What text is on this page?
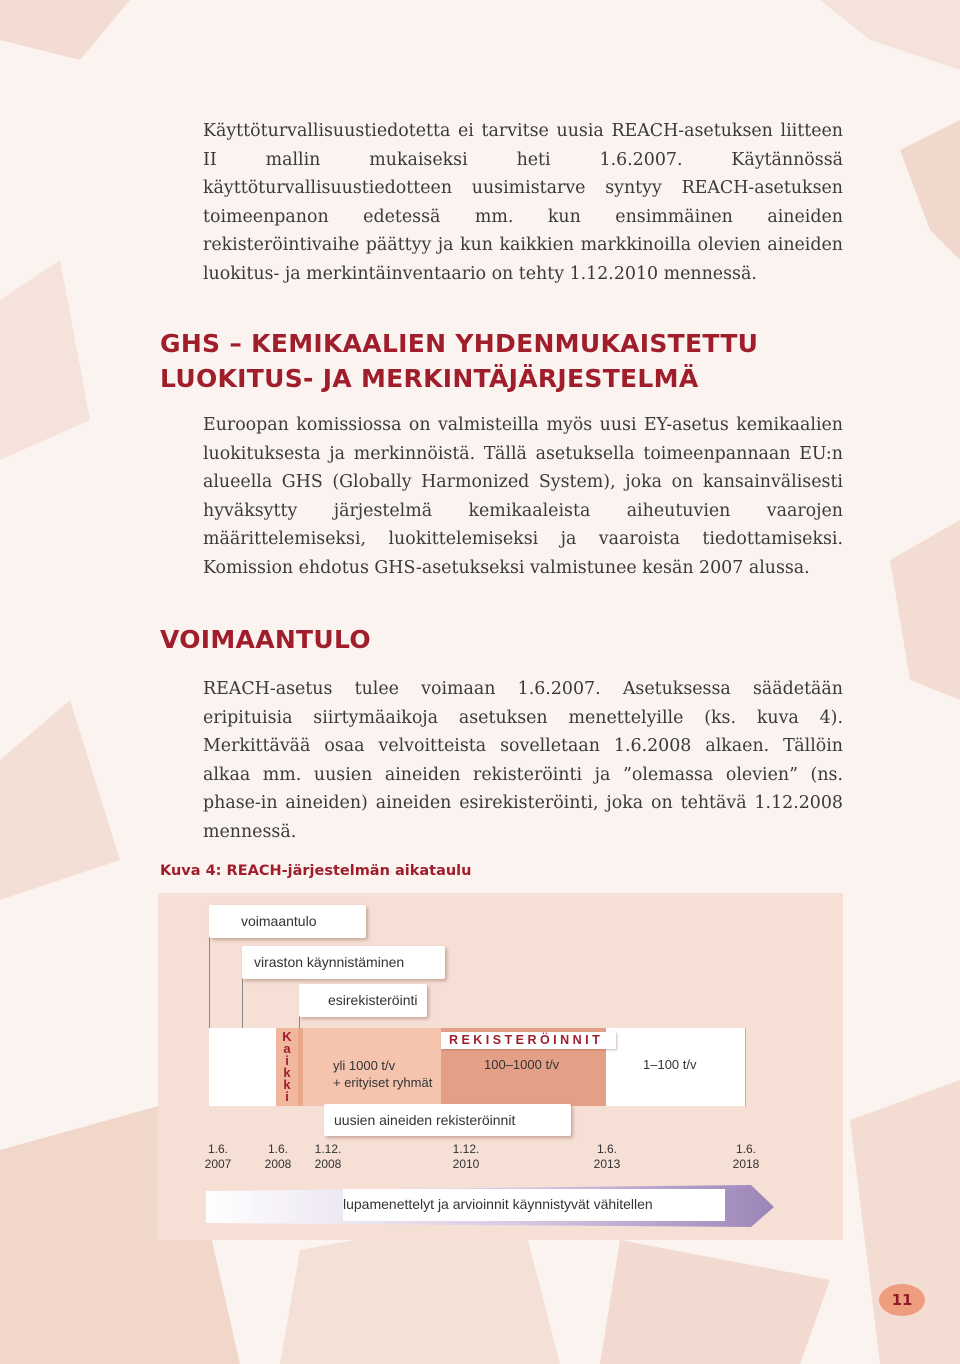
Käyttöturvallisuustiedotetta ei tarvitse uusia REACH-asetuksen liitteen II mallin mukaiseksi heti 1.6.2007. Käytännössä käyttöturvallisuustiedotteen uusimistarve syntyy REACH-asetuksen toimeenpanon edetessä mm. kun ensimmäinen aineiden rekisteröintivaihe päättyy ja kun kaikkien markkinoilla olevien aineiden luokitus- ja merkintäinventaario on tehty 1.12.2010 mennessä.

GHS – KEMIKAALIEN YHDENMUKAISTETTU
LUOKITUS- JA MERKINTÄJÄRJESTELMÄ

Euroopan komissiossa on valmisteilla myös uusi EY-asetus kemikaalien luokituksesta ja merkinnöistä. Tällä asetuksella toimeenpannaan EU:n alueella GHS (Globally Harmonized System), joka on kansainvälisesti hyväksytty järjestelmä kemikaaleista aiheutuvien vaarojen määrittelemiseksi, luokittelemiseksi ja vaaroista tiedottamiseksi. Komission ehdotus GHS-asetukseksi valmistunee kesän 2007 alussa.

VOIMAANTULO

REACH-asetus tulee voimaan 1.6.2007. Asetuksessa säädetään eripituisia siirtymäaikoja asetuksen menettelyille (ks. kuva 4). Merkittävää osaa velvoitteista sovelletaan 1.6.2008 alkaen. Tällöin alkaa mm. uusien aineiden rekisteröinti ja ”olemassa olevien” (ns. phase-in aineiden) aineiden esirekisteröinti, joka on tehtävä 1.12.2008 mennessä.

Kuva 4: REACH-järjestelmän aikataulu

voimaantulo
viraston käynnistäminen
esirekisteröinti
K
a
i
k
k
i
R E K I S T E R Ö I N N I T
yli 1000 t/v
+ erityiset ryhmät
100–1000 t/v	1–100 t/v
uusien aineiden rekisteröinnit
1.6.
2007
1.6.
2008
1.12.
2008
1.12.
2010
1.6.
2013
1.6.
2018
lupamenettelyt ja arvioinnit käynnistyvät vähitellen
11
